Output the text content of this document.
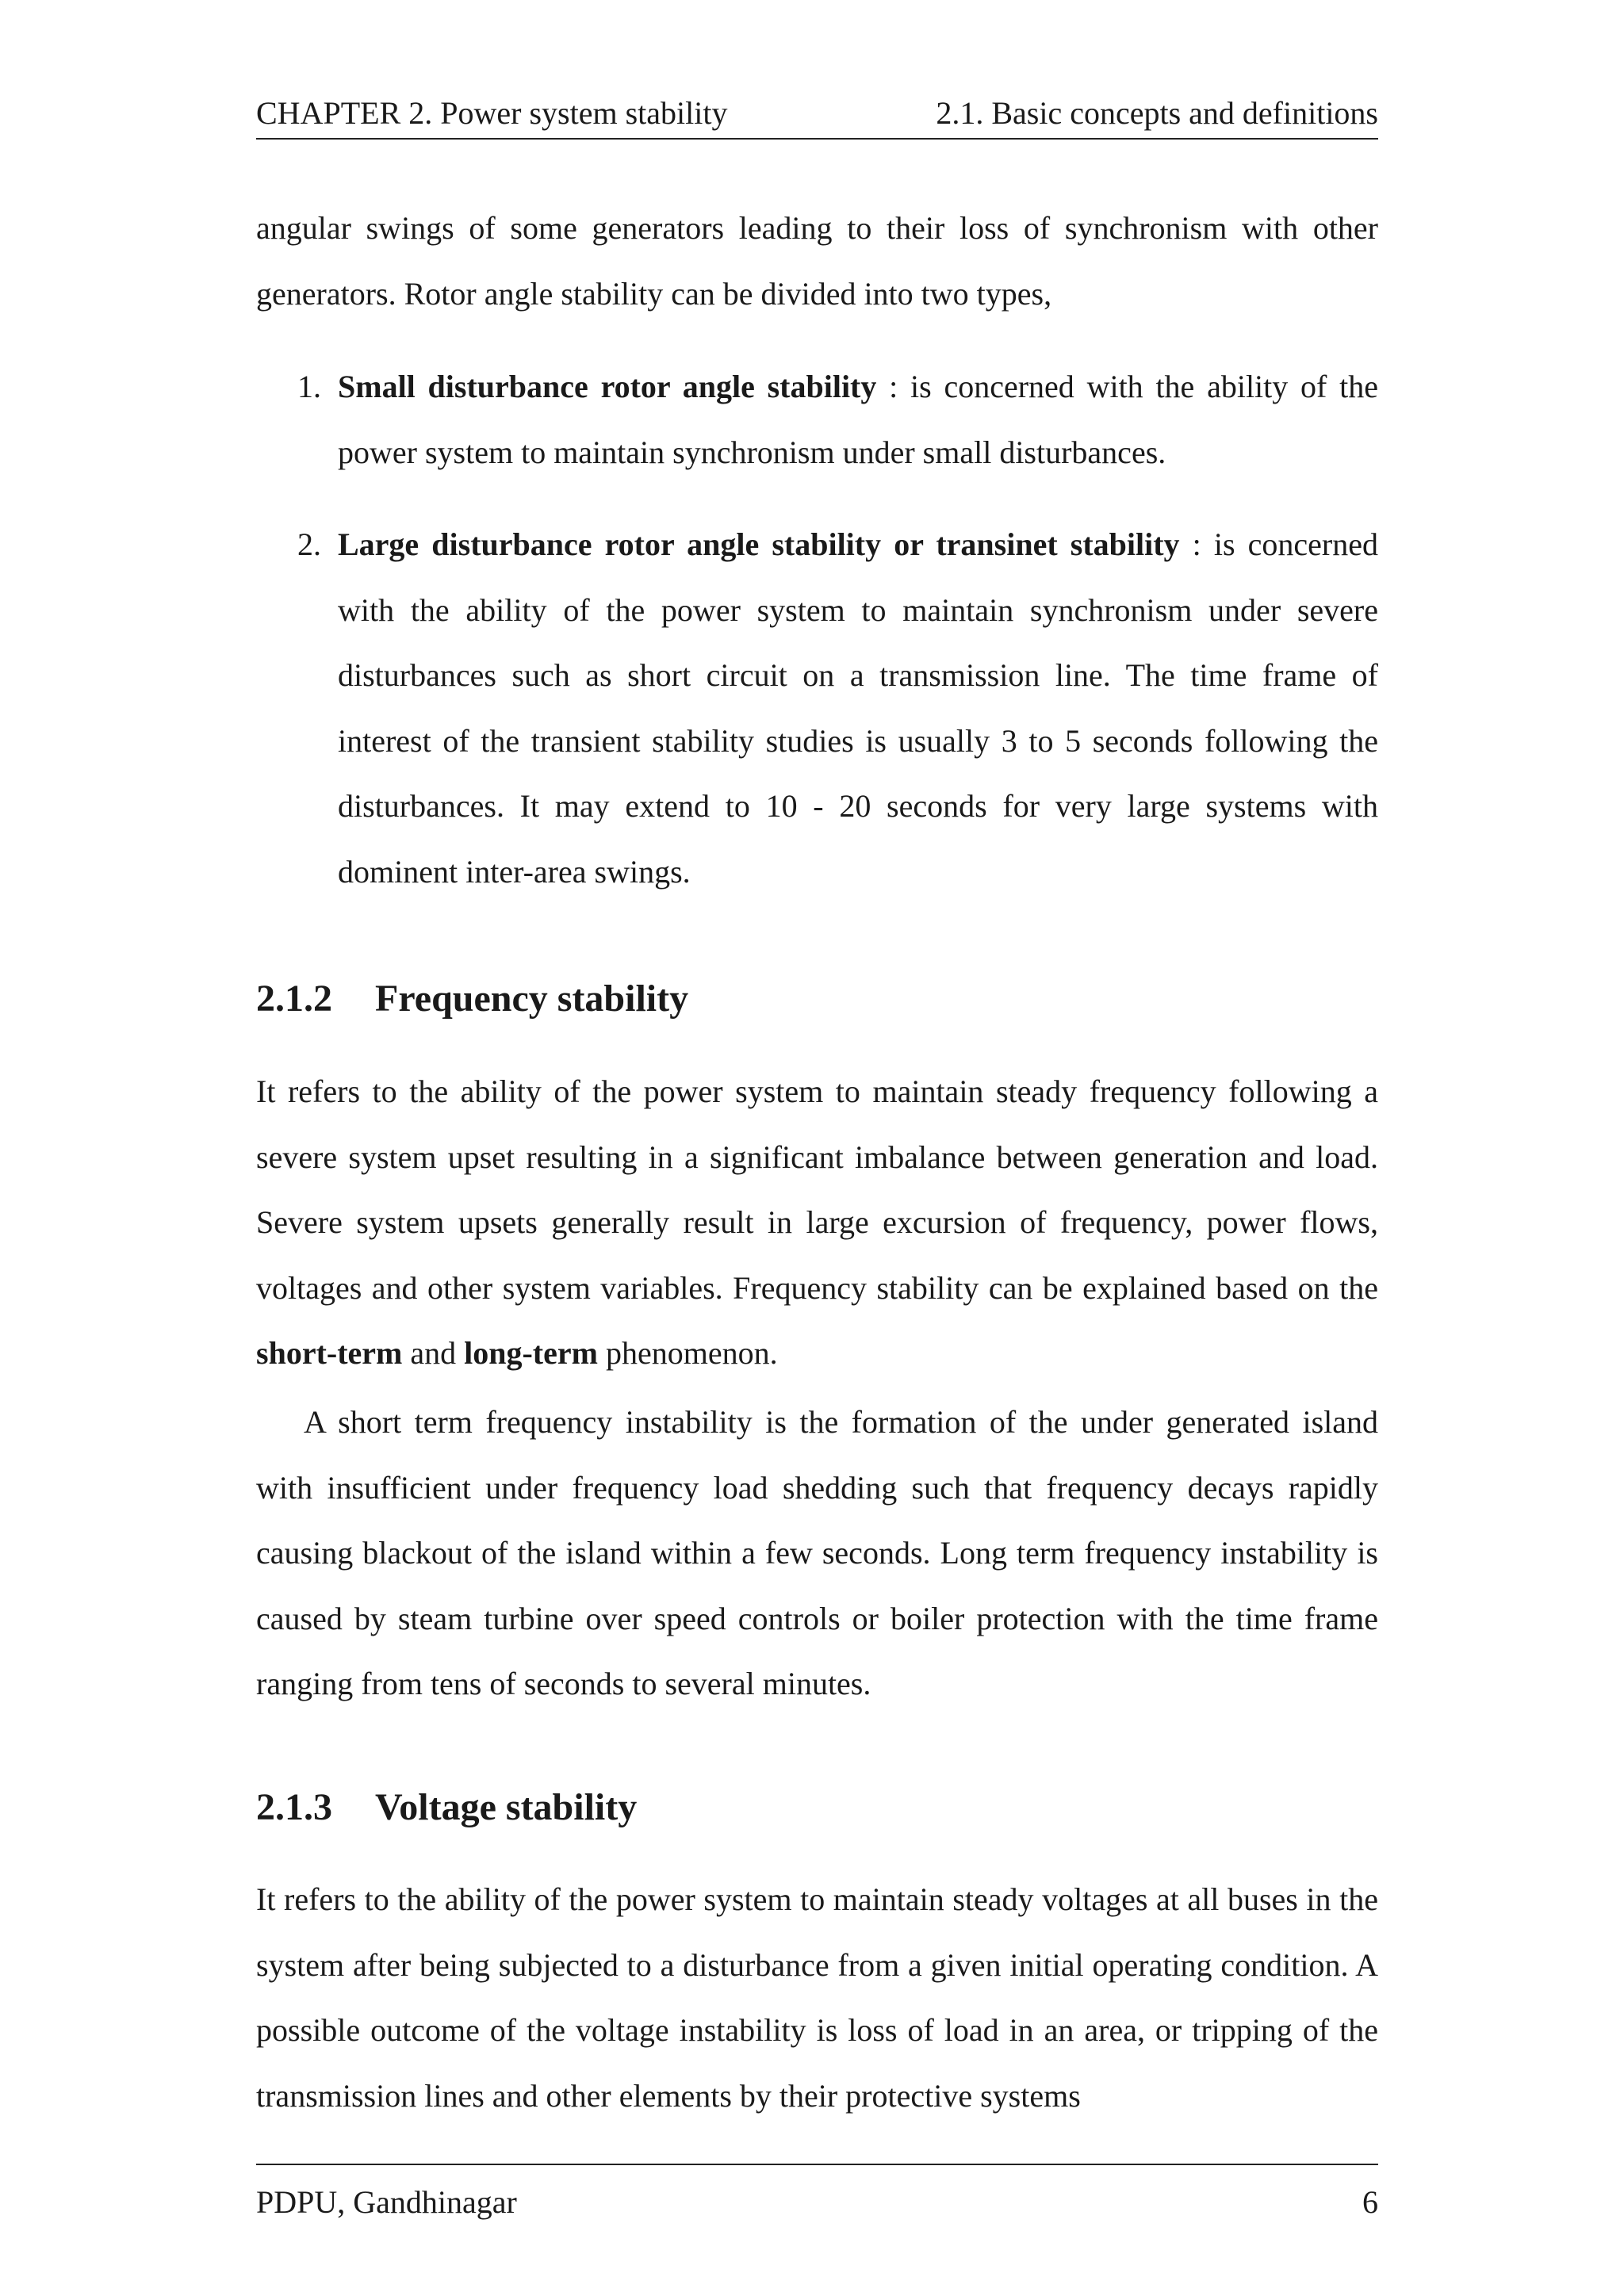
CHAPTER 2. Power system stability	2.1. Basic concepts and definitions

angular swings of some generators leading to their loss of synchronism with other generators. Rotor angle stability can be divided into two types,

1. Small disturbance rotor angle stability : is concerned with the ability of the power system to maintain synchronism under small disturbances.
2. Large disturbance rotor angle stability or transinet stability : is concerned with the ability of the power system to maintain synchronism under severe disturbances such as short circuit on a transmission line. The time frame of interest of the transient stability studies is usually 3 to 5 seconds following the disturbances. It may extend to 10 - 20 seconds for very large systems with dominent inter-area swings.
2.1.2 Frequency stability

It refers to the ability of the power system to maintain steady frequency following a severe system upset resulting in a significant imbalance between generation and load. Severe system upsets generally result in large excursion of frequency, power flows, voltages and other system variables. Frequency stability can be explained based on the short-term and long-term phenomenon.

A short term frequency instability is the formation of the under generated island with insufficient under frequency load shedding such that frequency decays rapidly causing blackout of the island within a few seconds. Long term frequency instability is caused by steam turbine over speed controls or boiler protection with the time frame ranging from tens of seconds to several minutes.

2.1.3 Voltage stability

It refers to the ability of the power system to maintain steady voltages at all buses in the system after being subjected to a disturbance from a given initial operating condition. A possible outcome of the voltage instability is loss of load in an area, or tripping of the transmission lines and other elements by their protective systems

PDPU, Gandhinagar	6
